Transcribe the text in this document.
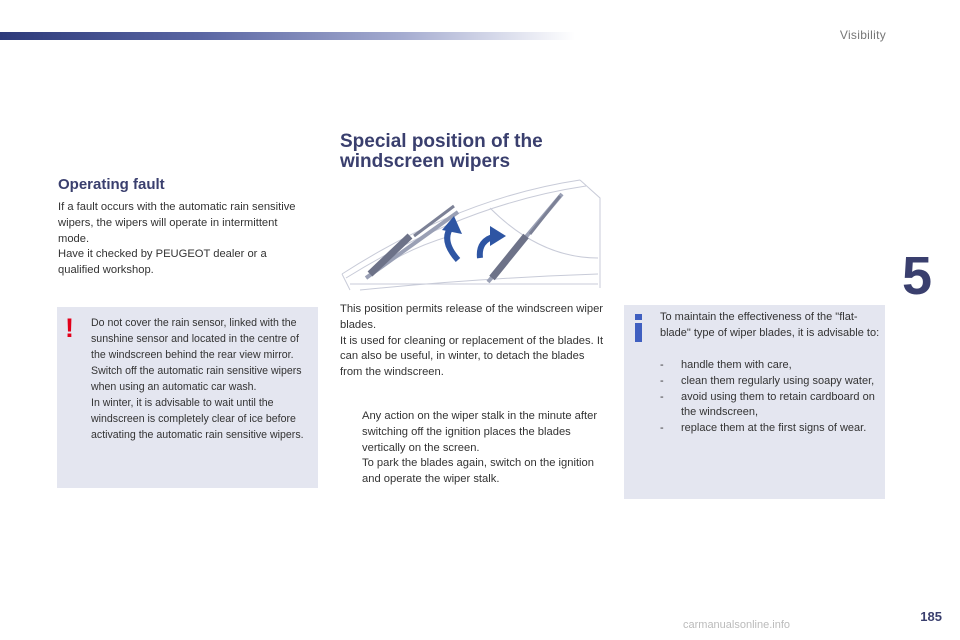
Visibility
5
Operating fault

If a fault occurs with the automatic rain sensitive wipers, the wipers will operate in intermittent mode.

Have it checked by PEUGEOT dealer or a qualified workshop.

! Do not cover the rain sensor, linked with the sunshine sensor and located in the centre of the windscreen behind the rear view mirror.

Switch off the automatic rain sensitive wipers when using an automatic car wash.

In winter, it is advisable to wait until the windscreen is completely clear of ice before activating the automatic rain sensitive wipers.

Special position of the
windscreen wipers

This position permits release of the windscreen wiper blades.

It is used for cleaning or replacement of the blades. It can also be useful, in winter, to detach the blades from the windscreen.

Any action on the wiper stalk in the minute after switching off the ignition places the blades vertically on the screen.
To park the blades again, switch on the ignition and operate the wiper stalk.
To maintain the effectiveness of the "flat-blade" type of wiper blades, it is advisable to:
- handle them with care,
- clean them regularly using soapy water,
- avoid using them to retain cardboard on the windscreen,
- replace them at the first signs of wear.
185
carmanualsonline.info
